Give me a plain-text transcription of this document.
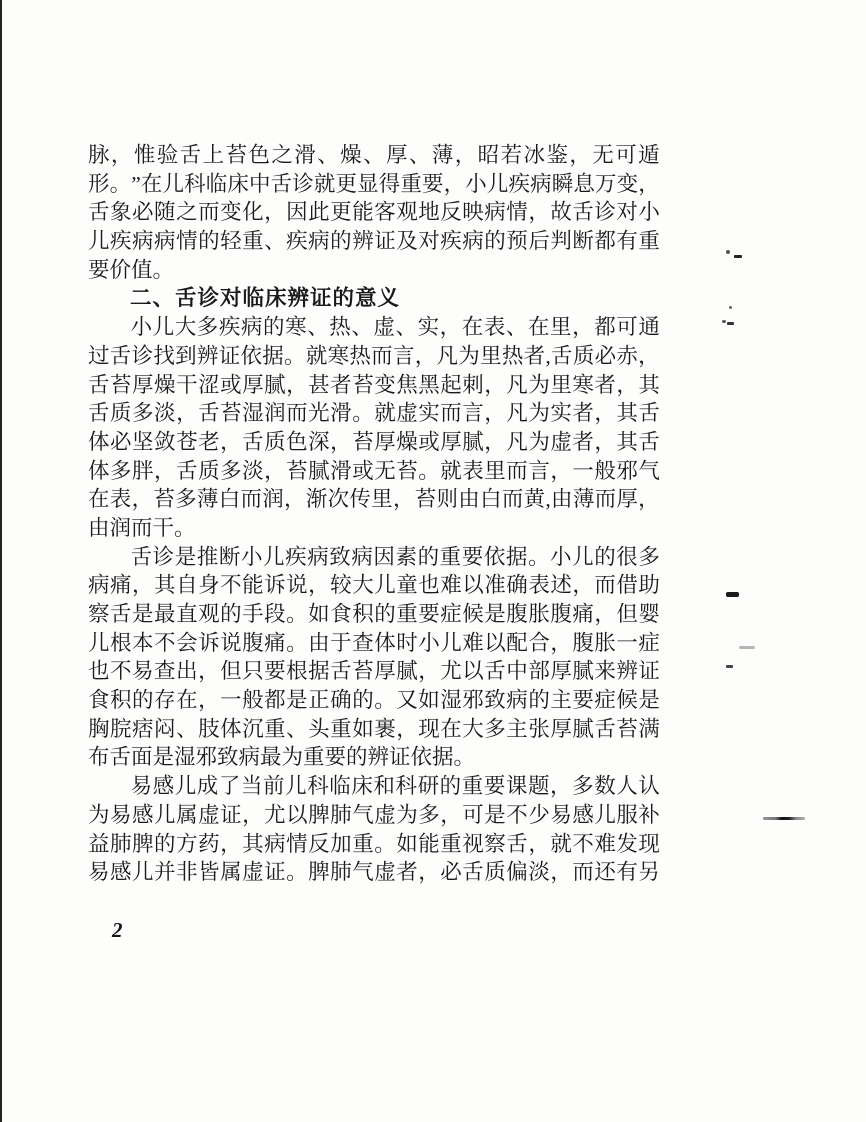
脉 ， 惟 验 舌 上 苔 色 之 滑 、 燥 、 厚 、 薄 ， 昭 若 冰 鉴 ， 无 可 遁
形 。 ” 在 儿 科 临 床 中 舌 诊 就 更 显 得 重 要 ， 小 儿 疾 病 瞬 息 万 变 ，
舌 象 必 随 之 而 变 化 ， 因 此 更 能 客 观 地 反 映 病 情 ， 故 舌 诊 对 小
儿 疾 病 病 情 的 轻 重 、 疾 病 的 辨 证 及 对 疾 病 的 预 后 判 断 都 有 重
要价值。
二、舌诊对临床辨证的意义
小 儿 大 多 疾 病 的 寒 、 热 、 虚 、 实 ， 在 表 、 在 里 ， 都 可 通
过 舌 诊 找 到 辨 证 依 据 。 就 寒 热 而 言 ， 凡 为 里 热 者 , 舌 质 必 赤 ，
舌 苔 厚 燥 干 涩 或 厚 腻 ， 甚 者 苔 变 焦 黑 起 刺 ， 凡 为 里 寒 者 ， 其
舌 质 多 淡 ， 舌 苔 湿 润 而 光 滑 。 就 虚 实 而 言 ， 凡 为 实 者 ， 其 舌
体 必 坚 敛 苍 老 ， 舌 质 色 深 ， 苔 厚 燥 或 厚 腻 ， 凡 为 虚 者 ， 其 舌
体 多 胖 ， 舌 质 多 淡 ， 苔 腻 滑 或 无 苔 。 就 表 里 而 言 ， 一 般 邪 气
在 表 ， 苔 多 薄 白 而 润 ， 渐 次 传 里 ， 苔 则 由 白 而 黄 , 由 薄 而 厚 ，
由润而干。
舌 诊 是 推 断 小 儿 疾 病 致 病 因 素 的 重 要 依 据 。 小 儿 的 很 多
病 痛 ， 其 自 身 不 能 诉 说 ， 较 大 儿 童 也 难 以 准 确 表 述 ， 而 借 助
察 舌 是 最 直 观 的 手 段 。 如 食 积 的 重 要 症 候 是 腹 胀 腹 痛 ， 但 婴
儿 根 本 不 会 诉 说 腹 痛 。 由 于 查 体 时 小 儿 难 以 配 合 ， 腹 胀 一 症
也 不 易 查 出 ， 但 只 要 根 据 舌 苔 厚 腻 ， 尤 以 舌 中 部 厚 腻 来 辨 证
食 积 的 存 在 ， 一 般 都 是 正 确 的 。 又 如 湿 邪 致 病 的 主 要 症 候 是
胸 脘 痞 闷 、 肢 体 沉 重 、 头 重 如 裹 ， 现 在 大 多 主 张 厚 腻 舌 苔 满
布舌面是湿邪致病最为重要的辨证依据。
易 感 儿 成 了 当 前 儿 科 临 床 和 科 研 的 重 要 课 题 ， 多 数 人 认
为 易 感 儿 属 虚 证 ， 尤 以 脾 肺 气 虚 为 多 ， 可 是 不 少 易 感 儿 服 补
益 肺 脾 的 方 药 ， 其 病 情 反 加 重 。 如 能 重 视 察 舌 ， 就 不 难 发 现
易 感 儿 并 非 皆 属 虚 证 。 脾 肺 气 虚 者 ， 必 舌 质 偏 淡 ， 而 还 有 另
2
